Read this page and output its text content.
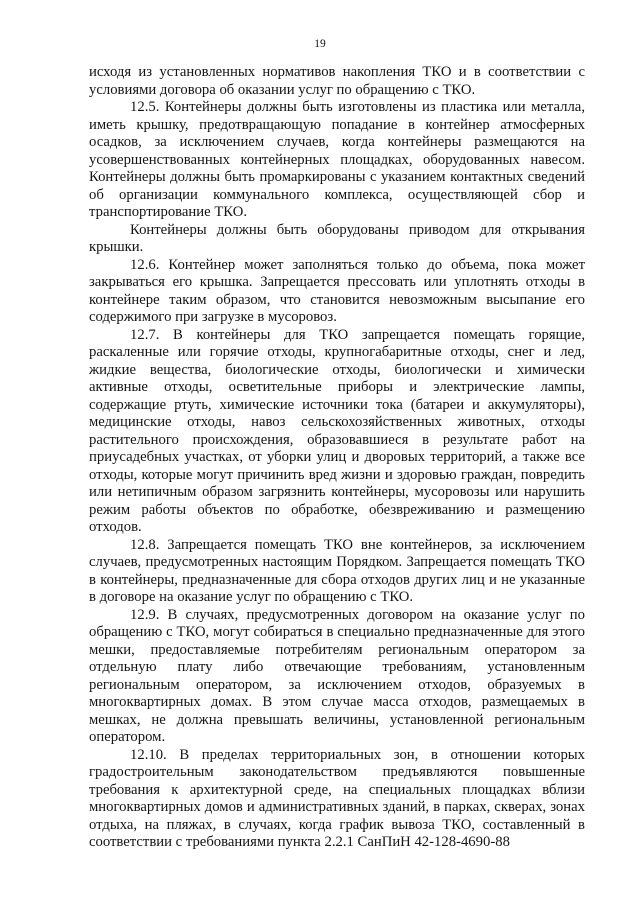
19

исходя из установленных нормативов накопления ТКО и в соответствии с условиями договора об оказании услуг по обращению с ТКО.

12.5. Контейнеры должны быть изготовлены из пластика или металла, иметь крышку, предотвращающую попадание в контейнер атмосферных осадков, за исключением случаев, когда контейнеры размещаются на усовершенствованных контейнерных площадках, оборудованных навесом. Контейнеры должны быть промаркированы с указанием контактных сведений об организации коммунального комплекса, осуществляющей сбор и транспортирование ТКО.

Контейнеры должны быть оборудованы приводом для открывания крышки.

12.6. Контейнер может заполняться только до объема, пока может закрываться его крышка. Запрещается прессовать или уплотнять отходы в контейнере таким образом, что становится невозможным высыпание его содержимого при загрузке в мусоровоз.

12.7. В контейнеры для ТКО запрещается помещать горящие, раскаленные или горячие отходы, крупногабаритные отходы, снег и лед, жидкие вещества, биологические отходы, биологически и химически активные отходы, осветительные приборы и электрические лампы, содержащие ртуть, химические источники тока (батареи и аккумуляторы), медицинские отходы, навоз сельскохозяйственных животных, отходы растительного происхождения, образовавшиеся в результате работ на приусадебных участках, от уборки улиц и дворовых территорий, а также все отходы, которые могут причинить вред жизни и здоровью граждан, повредить или нетипичным образом загрязнить контейнеры, мусоровозы или нарушить режим работы объектов по обработке, обезвреживанию и размещению отходов.

12.8. Запрещается помещать ТКО вне контейнеров, за исключением случаев, предусмотренных настоящим Порядком. Запрещается помещать ТКО в контейнеры, предназначенные для сбора отходов других лиц и не указанные в договоре на оказание услуг по обращению с ТКО.

12.9. В случаях, предусмотренных договором на оказание услуг по обращению с ТКО, могут собираться в специально предназначенные для этого мешки, предоставляемые потребителям региональным оператором за отдельную плату либо отвечающие требованиям, установленным региональным оператором, за исключением отходов, образуемых в многоквартирных домах. В этом случае масса отходов, размещаемых в мешках, не должна превышать величины, установленной региональным оператором.

12.10. В пределах территориальных зон, в отношении которых градостроительным законодательством предъявляются повышенные требования к архитектурной среде, на специальных площадках вблизи многоквартирных домов и административных зданий, в парках, скверах, зонах отдыха, на пляжах, в случаях, когда график вывоза ТКО, составленный в соответствии с требованиями пункта 2.2.1 СанПиН 42-128-4690-88
